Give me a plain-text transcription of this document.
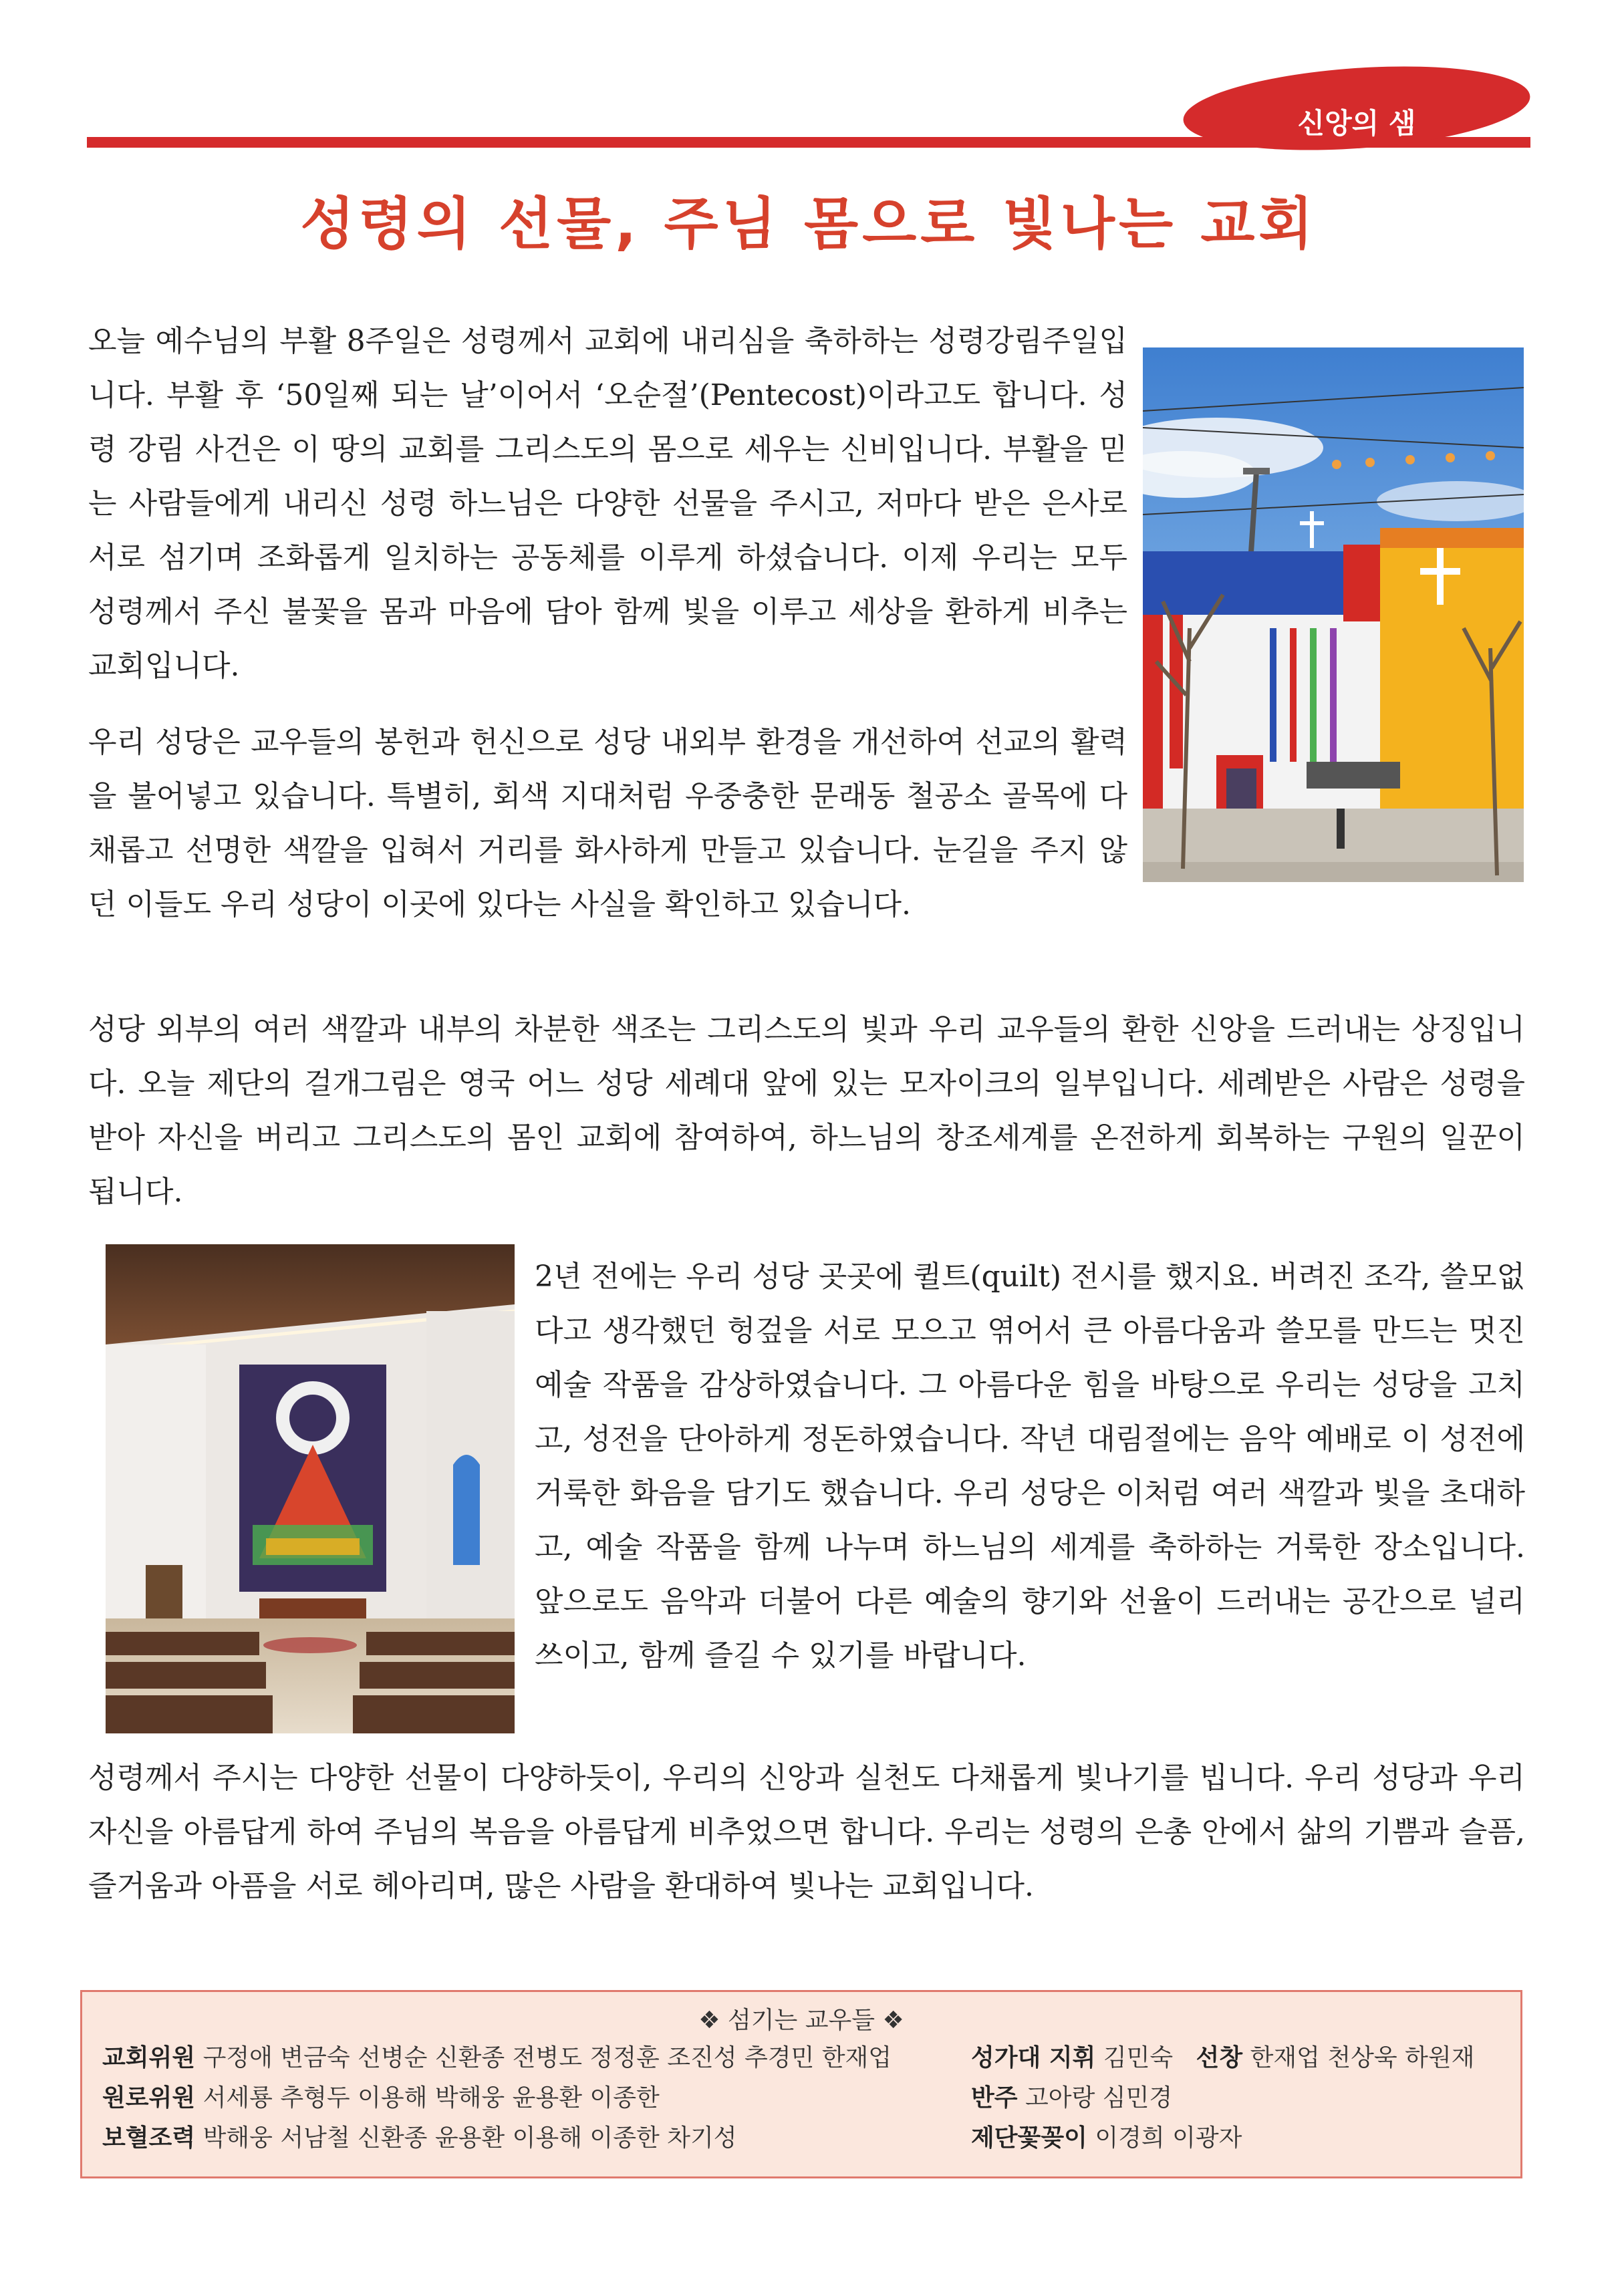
신앙의 샘
성령의 선물, 주님 몸으로 빛나는 교회

오늘 예수님의 부활 8주일은 성령께서 교회에 내리심을 축하하는 성령강림주일입니다. 부활 후 ‘50일째 되는 날’이어서 ‘오순절’(Pentecost)이라고도 합니다. 성령 강림 사건은 이 땅의 교회를 그리스도의 몸으로 세우는 신비입니다. 부활을 믿는 사람들에게 내리신 성령 하느님은 다양한 선물을 주시고, 저마다 받은 은사로 서로 섬기며 조화롭게 일치하는 공동체를 이루게 하셨습니다. 이제 우리는 모두 성령께서 주신 불꽃을 몸과 마음에 담아 함께 빛을 이루고 세상을 환하게 비추는 교회입니다.

우리 성당은 교우들의 봉헌과 헌신으로 성당 내외부 환경을 개선하여 선교의 활력을 불어넣고 있습니다. 특별히, 회색 지대처럼 우중충한 문래동 철공소 골목에 다채롭고 선명한 색깔을 입혀서 거리를 화사하게 만들고 있습니다. 눈길을 주지 않던 이들도 우리 성당이 이곳에 있다는 사실을 확인하고 있습니다.

성당 외부의 여러 색깔과 내부의 차분한 색조는 그리스도의 빛과 우리 교우들의 환한 신앙을 드러내는 상징입니다. 오늘 제단의 걸개그림은 영국 어느 성당 세례대 앞에 있는 모자이크의 일부입니다. 세례받은 사람은 성령을 받아 자신을 버리고 그리스도의 몸인 교회에 참여하여, 하느님의 창조세계를 온전하게 회복하는 구원의 일꾼이 됩니다.

2년 전에는 우리 성당 곳곳에 퀼트(quilt) 전시를 했지요. 버려진 조각, 쓸모없다고 생각했던 헝겊을 서로 모으고 엮어서 큰 아름다움과 쓸모를 만드는 멋진 예술 작품을 감상하였습니다. 그 아름다운 힘을 바탕으로 우리는 성당을 고치고, 성전을 단아하게 정돈하였습니다. 작년 대림절에는 음악 예배로 이 성전에 거룩한 화음을 담기도 했습니다. 우리 성당은 이처럼 여러 색깔과 빛을 초대하고, 예술 작품을 함께 나누며 하느님의 세계를 축하하는 거룩한 장소입니다. 앞으로도 음악과 더불어 다른 예술의 향기와 선율이 드러내는 공간으로 널리 쓰이고, 함께 즐길 수 있기를 바랍니다.

성령께서 주시는 다양한 선물이 다양하듯이, 우리의 신앙과 실천도 다채롭게 빛나기를 빕니다. 우리 성당과 우리 자신을 아름답게 하여 주님의 복음을 아름답게 비추었으면 합니다. 우리는 성령의 은총 안에서 삶의 기쁨과 슬픔, 즐거움과 아픔을 서로 헤아리며, 많은 사람을 환대하여 빛나는 교회입니다.

❖ 섬기는 교우들 ❖
교회위원 구정애 변금숙 선병순 신환종 전병도 정정훈 조진성 추경민 한재업
원로위원 서세룡 추형두 이용해 박해웅 윤용환 이종한
보혈조력 박해웅 서남철 신환종 윤용환 이용해 이종한 차기성
성가대 지휘 김민숙 선창 한재업 천상욱 하원재
반주 고아랑 심민경
제단꽃꽂이 이경희 이광자
